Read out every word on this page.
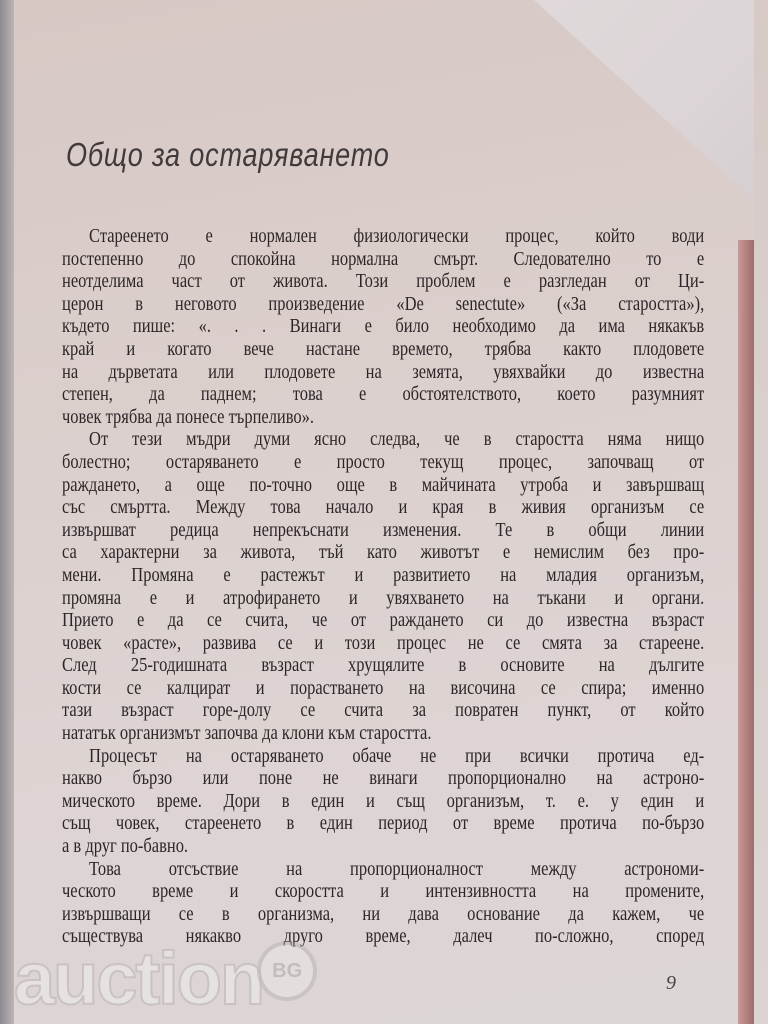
Общо за остаряването
Стареенето е нормален физиологически процес, който води
постепенно до спокойна нормална смърт. Следователно то е
неотделима част от живота. Този проблем е разгледан от Ци-
церон в неговото произведение «De senectute» («За старостта»),
където пише: «. . . Винаги е било необходимо да има някакъв
край и когато вече настане времето, трябва както плодовете
на дърветата или плодовете на земята, увяхвайки до известна
степен, да паднем; това е обстоятелството, което разумният
човек трябва да понесе търпеливо».
От тези мъдри думи ясно следва, че в старостта няма нищо
болестно; остаряването е просто текущ процес, започващ от
раждането, а още по-точно още в майчината утроба и завършващ
със смъртта. Между това начало и края в живия организъм се
извършват редица непрекъснати изменения. Те в общи линии
са характерни за живота, тъй като животът е немислим без про-
мени. Промяна е растежът и развитието на младия организъм,
промяна е и атрофирането и увяхването на тъкани и органи.
Прието е да се счита, че от раждането си до известна възраст
човек «расте», развива се и този процес не се смята за стареене.
След 25-годишната възраст хрущялите в основите на дългите
кости се калцират и порастването на височина се спира; именно
тази възраст горе-долу се счита за повратен пункт, от който
нататък организмът започва да клони към старостта.
Процесът на остаряването обаче не при всички протича ед-
накво бързо или поне не винаги пропорционално на астроно-
мическото време. Дори в един и същ организъм, т. е. у един и
същ човек, стареенето в един период от време протича по-бързо
а в друг по-бавно.
Това отсъствие на пропорционалност между астрономи-
ческото време и скоростта и интензивността на промените,
извършващи се в организма, ни дава основание да кажем, че
съществува някакво друго време, далеч по-сложно, според
9
auction BG
